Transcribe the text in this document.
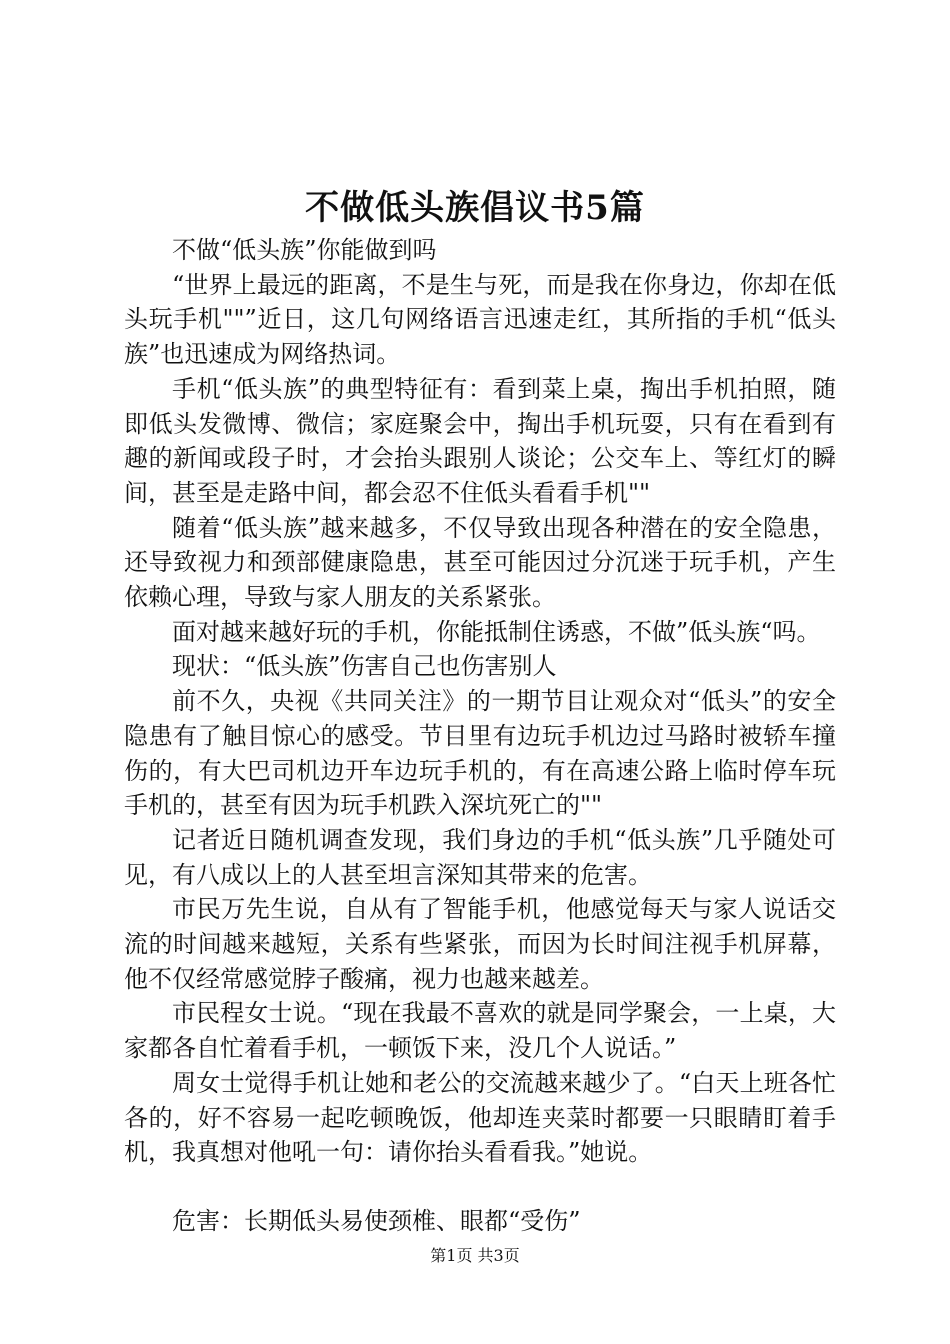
不做低头族倡议书5篇

不做“低头族”你能做到吗

“世界上最远的距离，不是生与死，而是我在你身边，你却在低头玩手机""”近日，这几句网络语言迅速走红，其所指的手机“低头族”也迅速成为网络热词。

手机“低头族”的典型特征有：看到菜上桌，掏出手机拍照，随即低头发微博、微信；家庭聚会中，掏出手机玩耍，只有在看到有趣的新闻或段子时，才会抬头跟别人谈论；公交车上、等红灯的瞬间，甚至是走路中间，都会忍不住低头看看手机""

随着“低头族”越来越多，不仅导致出现各种潜在的安全隐患，还导致视力和颈部健康隐患，甚至可能因过分沉迷于玩手机，产生依赖心理，导致与家人朋友的关系紧张。

面对越来越好玩的手机，你能抵制住诱惑，不做”低头族“吗。

现状：“低头族”伤害自己也伤害别人

前不久，央视《共同关注》的一期节目让观众对“低头”的安全隐患有了触目惊心的感受。节目里有边玩手机边过马路时被轿车撞伤的，有大巴司机边开车边玩手机的，有在高速公路上临时停车玩手机的，甚至有因为玩手机跌入深坑死亡的""

记者近日随机调查发现，我们身边的手机“低头族”几乎随处可见，有八成以上的人甚至坦言深知其带来的危害。

市民万先生说，自从有了智能手机，他感觉每天与家人说话交流的时间越来越短，关系有些紧张，而因为长时间注视手机屏幕，他不仅经常感觉脖子酸痛，视力也越来越差。

市民程女士说。“现在我最不喜欢的就是同学聚会，一上桌，大家都各自忙着看手机，一顿饭下来，没几个人说话。”

周女士觉得手机让她和老公的交流越来越少了。“白天上班各忙各的，好不容易一起吃顿晚饭，他却连夹菜时都要一只眼睛盯着手机，我真想对他吼一句：请你抬头看看我。”她说。

危害：长期低头易使颈椎、眼都“受伤”

第1页 共3页
